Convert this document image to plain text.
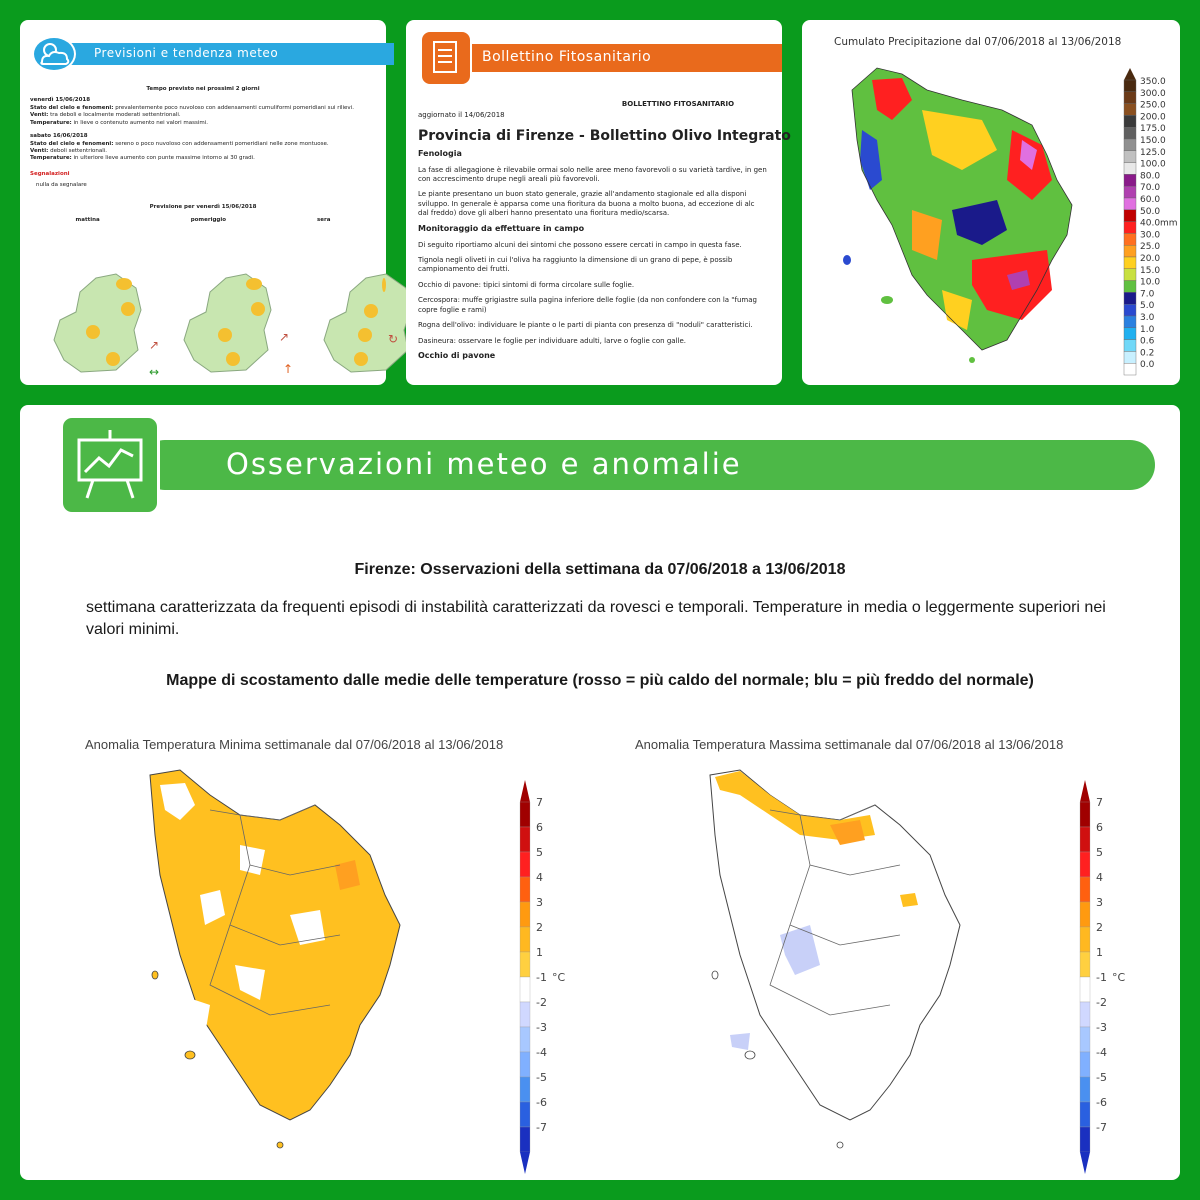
Previsioni e tendenza meteo
Tempo previsto nei prossimi 2 giorni
venerdì 15/06/2018
Stato del cielo e fenomeni: prevalentemente poco nuvoloso con addensamenti cumuliformi pomeridiani sui rilievi.
Venti: tra deboli e localmente moderati settentrionali.
Temperature: in lieve o contenuto aumento nei valori massimi.
sabato 16/06/2018
Stato del cielo e fenomeni: sereno o poco nuvoloso con addensamenti pomeridiani nelle zone montuose.
Venti: deboli settentrionali.
Temperature: in ulteriore lieve aumento con punte massime intorno ai 30 gradi.
Segnalazioni
nulla da segnalare
Previsione per venerdì 15/06/2018
mattina	pomeriggio	sera
↗
↗	↻
↔	↑
Bollettino Fitosanitario
BOLLETTINO FITOSANITARIO
aggiornato il 14/06/2018
Provincia di Firenze - Bollettino Olivo Integrato
Fenologia

La fase di allegagione è rilevabile ormai solo nelle aree meno favorevoli o su varietà tardive, in gen
con accrescimento drupe negli areali più favorevoli.

Le piante presentano un buon stato generale, grazie all'andamento stagionale ed alla disponi
sviluppo. In generale è apparsa come una fioritura da buona a molto buona, ad eccezione di alc
dal freddo) dove gli alberi hanno presentato una fioritura medio/scarsa.

Monitoraggio da effettuare in campo

Di seguito riportiamo alcuni dei sintomi che possono essere cercati in campo in questa fase.

Tignola negli oliveti in cui l'oliva ha raggiunto la dimensione di un grano di pepe, è possib
campionamento dei frutti.

Occhio di pavone: tipici sintomi di forma circolare sulle foglie.

Cercospora: muffe grigiastre sulla pagina inferiore delle foglie (da non confondere con la "fumag
copre foglie e rami)

Rogna dell'olivo: individuare le piante o le parti di pianta con presenza di "noduli" caratteristici.

Dasineura: osservare le foglie per individuare adulti, larve o foglie con galle.

Occhio di pavone
Cumulato Precipitazione dal 07/06/2018 al 13/06/2018
350.0
300.0
250.0
200.0
175.0
150.0
125.0
100.0
80.0
70.0
60.0
50.0
40.0mm
30.0
25.0
20.0
15.0
10.0
7.0
5.0
3.0
1.0
0.6
0.2
0.0
Osservazioni meteo e anomalie
Firenze: Osservazioni della settimana da 07/06/2018 a 13/06/2018
settimana caratterizzata da frequenti episodi di instabilità caratterizzati da rovesci e temporali. Temperature in media o leggermente superiori nei valori minimi.
Mappe di scostamento dalle medie delle temperature (rosso = più caldo del normale; blu = più freddo del normale)
Anomalia Temperatura Minima settimanale dal 07/06/2018 al 13/06/2018	Anomalia Temperatura Massima settimanale dal 07/06/2018 al 13/06/2018
7
6
5
4
3
2
1
-1
-2
-3
-4
-5
-6
-7
°C
7
6
5
4
3
2
1
-1
-2
-3
-4
-5
-6
-7
°C
